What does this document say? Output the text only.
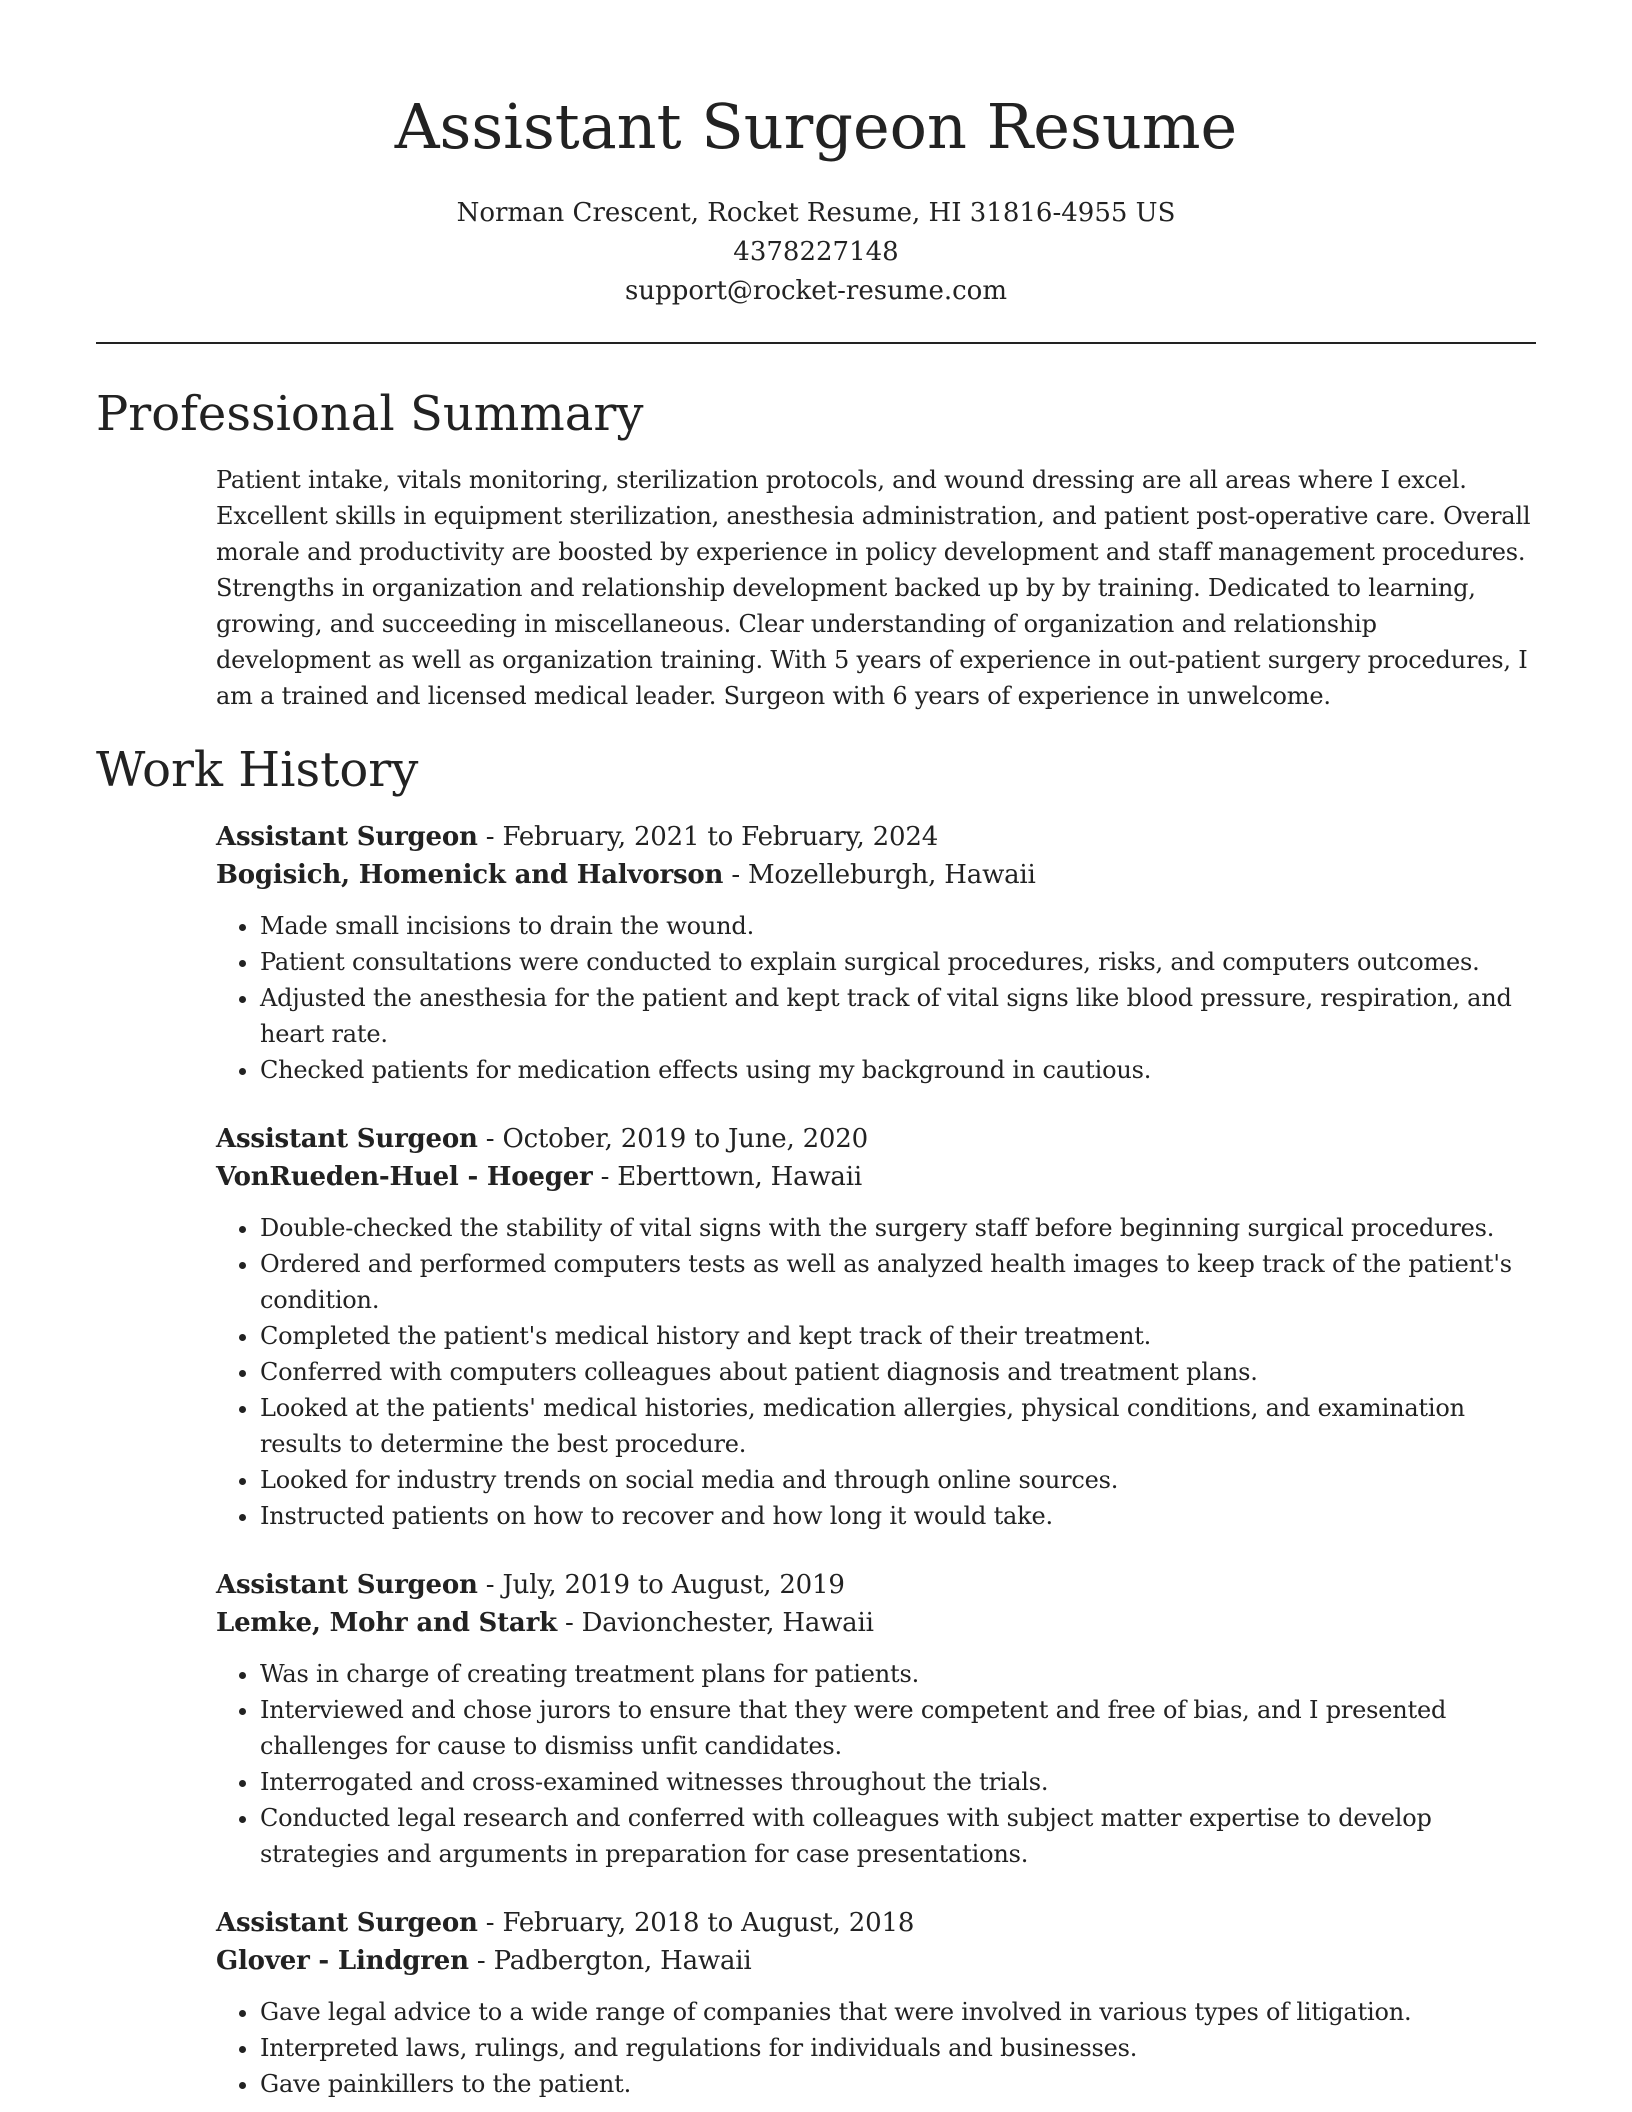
Assistant Surgeon Resume
Norman Crescent, Rocket Resume, HI 31816-4955 US
4378227148
support@rocket-resume.com
Professional Summary

Patient intake, vitals monitoring, sterilization protocols, and wound dressing are all areas where I excel. Excellent skills in equipment sterilization, anesthesia administration, and patient post-operative care. Overall morale and productivity are boosted by experience in policy development and staff management procedures. Strengths in organization and relationship development backed up by by training. Dedicated to learning, growing, and succeeding in miscellaneous. Clear understanding of organization and relationship development as well as organization training. With 5 years of experience in out-patient surgery procedures, I am a trained and licensed medical leader. Surgeon with 6 years of experience in unwelcome.

Work History

Assistant Surgeon - February, 2021 to February, 2024

Bogisich, Homenick and Halvorson - Mozelleburgh, Hawaii

• Made small incisions to drain the wound.
• Patient consultations were conducted to explain surgical procedures, risks, and computers outcomes.
• Adjusted the anesthesia for the patient and kept track of vital signs like blood pressure, respiration, and heart rate.
• Checked patients for medication effects using my background in cautious.

Assistant Surgeon - October, 2019 to June, 2020

VonRueden-Huel - Hoeger - Eberttown, Hawaii

• Double-checked the stability of vital signs with the surgery staff before beginning surgical procedures.
• Ordered and performed computers tests as well as analyzed health images to keep track of the patient's condition.
• Completed the patient's medical history and kept track of their treatment.
• Conferred with computers colleagues about patient diagnosis and treatment plans.
• Looked at the patients' medical histories, medication allergies, physical conditions, and examination results to determine the best procedure.
• Looked for industry trends on social media and through online sources.
• Instructed patients on how to recover and how long it would take.

Assistant Surgeon - July, 2019 to August, 2019

Lemke, Mohr and Stark - Davionchester, Hawaii

• Was in charge of creating treatment plans for patients.
• Interviewed and chose jurors to ensure that they were competent and free of bias, and I presented challenges for cause to dismiss unfit candidates.
• Interrogated and cross-examined witnesses throughout the trials.
• Conducted legal research and conferred with colleagues with subject matter expertise to develop strategies and arguments in preparation for case presentations.

Assistant Surgeon - February, 2018 to August, 2018

Glover - Lindgren - Padbergton, Hawaii

• Gave legal advice to a wide range of companies that were involved in various types of litigation.
• Interpreted laws, rulings, and regulations for individuals and businesses.
• Gave painkillers to the patient.
